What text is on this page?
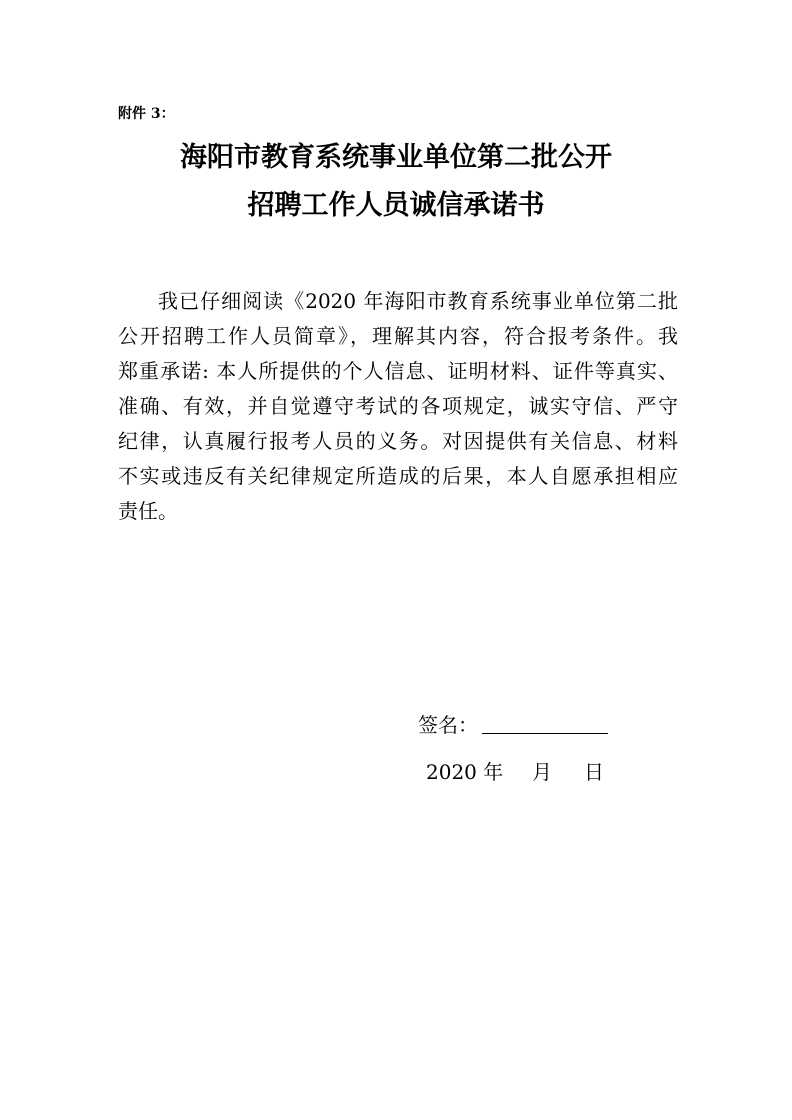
附件 3：
海阳市教育系统事业单位第二批公开
招聘工作人员诚信承诺书
我已仔细阅读《2020 年海阳市教育系统事业单位第二批
公开招聘工作人员简章》，理解其内容，符合报考条件。我
郑重承诺: 本人所提供的个人信息、证明材料、证件等真实、
准确、有效，并自觉遵守考试的各项规定，诚实守信、严守
纪律，认真履行报考人员的义务。对因提供有关信息、材料
不实或违反有关纪律规定所造成的后果，本人自愿承担相应
责任。
签名：
2020 年 月 日
